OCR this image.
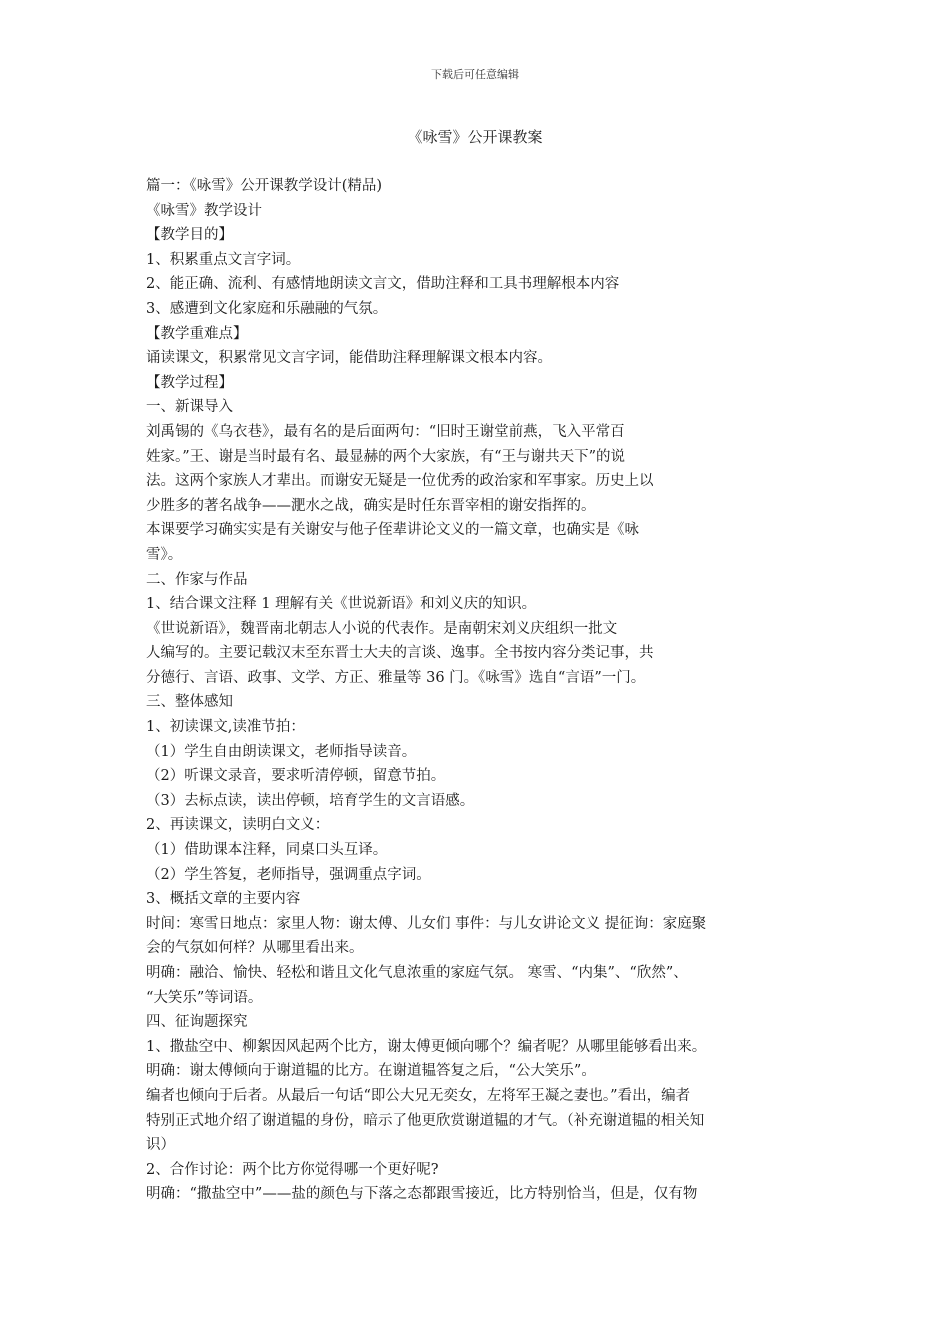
下载后可任意编辑
《咏雪》公开课教案
篇一：《咏雪》公开课教学设计(精品)
《咏雪》教学设计
【教学目的】
1、积累重点文言字词。
2、能正确、流利、有感情地朗读文言文，借助注释和工具书理解根本内容
3、感遭到文化家庭和乐融融的气氛。
【教学重难点】
诵读课文，积累常见文言字词，能借助注释理解课文根本内容。
【教学过程】
一、新课导入
刘禹锡的《乌衣巷》，最有名的是后面两句：“旧时王谢堂前燕，飞入平常百
姓家。”王、谢是当时最有名、最显赫的两个大家族，有“王与谢共天下”的说
法。这两个家族人才辈出。而谢安无疑是一位优秀的政治家和军事家。历史上以
少胜多的著名战争——淝水之战，确实是时任东晋宰相的谢安指挥的。
本课要学习确实实是有关谢安与他子侄辈讲论文义的一篇文章，也确实是《咏
雪》。
二、作家与作品
1、结合课文注释 1 理解有关《世说新语》和刘义庆的知识。
《世说新语》，魏晋南北朝志人小说的代表作。是南朝宋刘义庆组织一批文
人编写的。主要记载汉末至东晋士大夫的言谈、逸事。全书按内容分类记事，共
分德行、言语、政事、文学、方正、雅量等 36 门。《咏雪》选自“言语”一门。
三、整体感知
1、初读课文,读准节拍：
（1）学生自由朗读课文，老师指导读音。
（2）听课文录音，要求听清停顿，留意节拍。
（3）去标点读，读出停顿，培育学生的文言语感。
2、再读课文，读明白文义：
（1）借助课本注释，同桌口头互译。
（2）学生答复，老师指导，强调重点字词。
3、概括文章的主要内容
时间：寒雪日地点：家里人物：谢太傅、儿女们 事件：与儿女讲论文义 提征询：家庭聚
会的气氛如何样？从哪里看出来。
明确：融洽、愉快、轻松和谐且文化气息浓重的家庭气氛。 寒雪、“内集”、“欣然”、
“大笑乐”等词语。
四、征询题探究
1、撒盐空中、柳絮因风起两个比方，谢太傅更倾向哪个？编者呢？从哪里能够看出来。
明确：谢太傅倾向于谢道韫的比方。在谢道韫答复之后，“公大笑乐”。
编者也倾向于后者。从最后一句话“即公大兄无奕女，左将军王凝之妻也。”看出，编者
特别正式地介绍了谢道韫的身份，暗示了他更欣赏谢道韫的才气。（补充谢道韫的相关知
识）
2、合作讨论：两个比方你觉得哪一个更好呢?
明确：“撒盐空中”——盐的颜色与下落之态都跟雪接近，比方特别恰当，但是，仅有物
